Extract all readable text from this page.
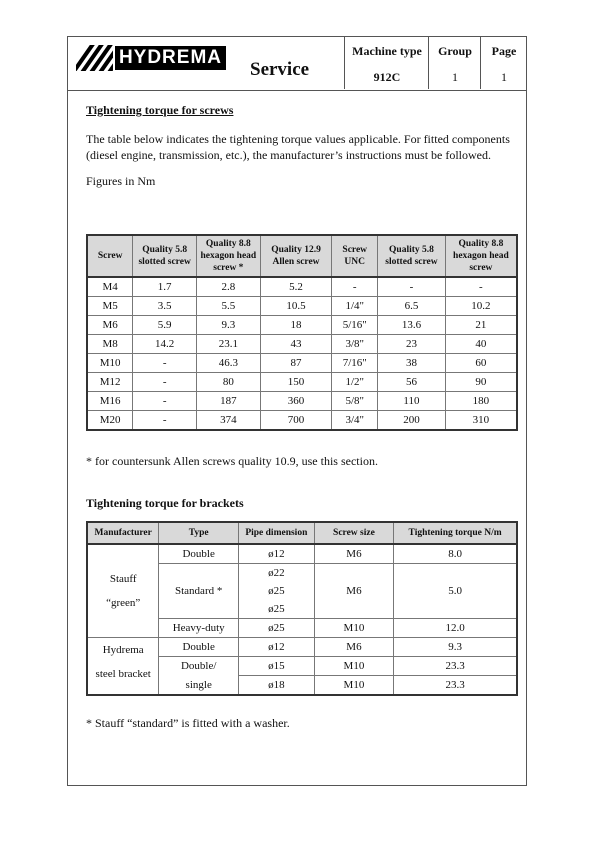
HYDREMA
Service
Machine type
912C
Group
1
Page
1
Tightening torque for screws

The table below indicates the tightening torque values applicable. For fitted components (diesel engine, transmission, etc.), the manufacturer’s instructions must be followed.

Figures in Nm

Screw	Quality 5.8 slotted screw	Quality 8.8 hexagon head screw *	Quality 12.9 Allen screw	Screw UNC	Quality 5.8 slotted screw	Quality 8.8 hexagon head screw
M4	1.7	2.8	5.2	-	-	-
M5	3.5	5.5	10.5	1/4"	6.5	10.2
M6	5.9	9.3	18	5/16"	13.6	21
M8	14.2	23.1	43	3/8"	23	40
M10	-	46.3	87	7/16"	38	60
M12	-	80	150	1/2"	56	90
M16	-	187	360	5/8"	110	180
M20	-	374	700	3/4"	200	310

* for countersunk Allen screws quality 10.9, use this section.

Tightening torque for brackets
Manufacturer	Type	Pipe dimension	Screw size	Tightening torque N/m

Stauff
“green”	Double	ø12	M6	8.0
	Standard *	ø22	M6	5.0
		ø25		
		ø25		
	Heavy-duty	ø25	M10	12.0

Hydrema
steel bracket	Double	ø12	M6	9.3
	Double/	ø15	M10	23.3
	single	ø18	M10	23.3

* Stauff “standard” is fitted with a washer.
